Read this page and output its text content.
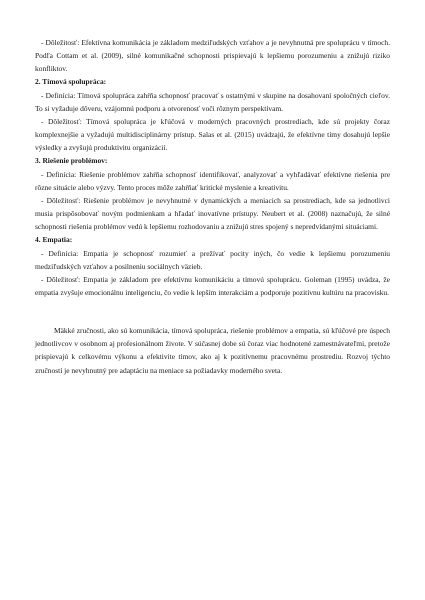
- Dôležitosť: Efektívna komunikácia je základom medziľudských vzťahov a je nevyhnutná pre spoluprácu v tímoch. Podľa Cottam et al. (2009), silné komunikačné schopnosti prispievajú k lepšiemu porozumeniu a znižujú riziko konfliktov.

2. Tímová spolupráca:

- Definícia: Tímová spolupráca zahŕňa schopnosť pracovať s ostatnými v skupine na dosahovaní spoločných cieľov. To si vyžaduje dôveru, vzájomnú podporu a otvorenosť voči rôznym perspektívam.

- Dôležitosť: Tímová spolupráca je kľúčová v moderných pracovných prostrediach, kde sú projekty čoraz komplexnejšie a vyžadujú multidisciplinárny prístup. Salas et al. (2015) uvádzajú, že efektívne tímy dosahujú lepšie výsledky a zvyšujú produktivitu organizácií.

3. Riešenie problémov:

- Definícia: Riešenie problémov zahŕňa schopnosť identifikovať, analyzovať a vyhľadávať efektívne riešenia pre rôzne situácie alebo výzvy. Tento proces môže zahŕňať kritické myslenie a kreativitu.

- Dôležitosť: Riešenie problémov je nevyhnutné v dynamických a meniacich sa prostrediach, kde sa jednotlivci musia prispôsobovať novým podmienkam a hľadať inovatívne prístupy. Neubert et al. (2008) naznačujú, že silné schopnosti riešenia problémov vedú k lepšiemu rozhodovaniu a znižujú stres spojený s nepredvídanými situáciami.

4. Empatia:

- Definícia: Empatia je schopnosť rozumieť a prežívať pocity iných, čo vedie k lepšiemu porozumeniu medziľudských vzťahov a posilneniu sociálnych väzieb.

- Dôležitosť: Empatia je základom pre efektívnu komunikáciu a tímovú spoluprácu. Goleman (1995) uvádza, že empatia zvyšuje emocionálnu inteligenciu, čo vedie k lepším interakciám a podporuje pozitívnu kultúru na pracovisku.

Mäkké zručnosti, ako sú komunikácia, tímová spolupráca, riešenie problémov a empatia, sú kľúčové pre úspech jednotlivcov v osobnom aj profesionálnom živote. V súčasnej dobe sú čoraz viac hodnotené zamestnávateľmi, pretože prispievajú k celkovému výkonu a efektivite tímov, ako aj k pozitívnemu pracovnému prostrediu. Rozvoj týchto zručností je nevyhnutný pre adaptáciu na meniace sa požiadavky moderného sveta.
